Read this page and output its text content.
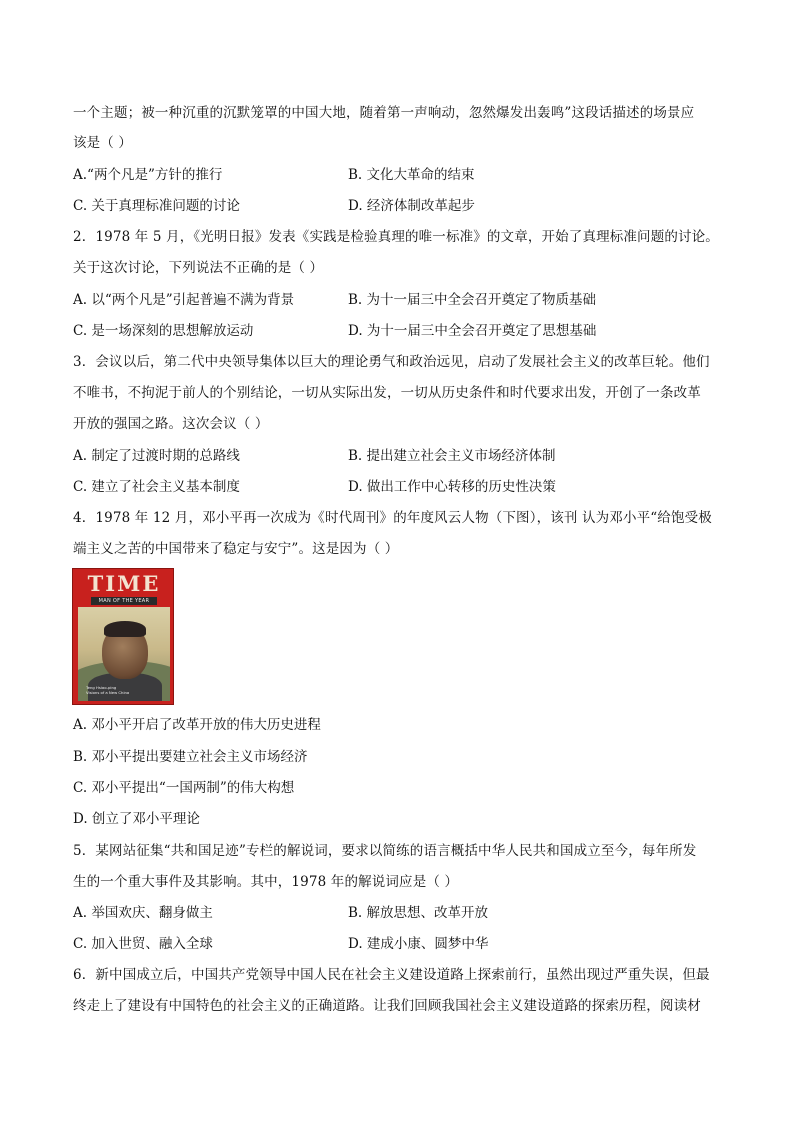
一个主题；被一种沉重的沉默笼罩的中国大地，随着第一声响动，忽然爆发出轰鸣”这段话描述的场景应
该是（ ）
A.“两个凡是”方针的推行	B. 文化大革命的结束
C. 关于真理标准问题的讨论	D. 经济体制改革起步
2．1978 年 5 月，《光明日报》发表《实践是检验真理的唯一标准》的文章，开始了真理标准问题的讨论。
关于这次讨论，下列说法不正确的是（ ）
A. 以“两个凡是”引起普遍不满为背景	B. 为十一届三中全会召开奠定了物质基础
C. 是一场深刻的思想解放运动	D. 为十一届三中全会召开奠定了思想基础
3．会议以后，第二代中央领导集体以巨大的理论勇气和政治远见，启动了发展社会主义的改革巨轮。他们
不唯书，不拘泥于前人的个别结论，一切从实际出发，一切从历史条件和时代要求出发，开创了一条改革
开放的强国之路。这次会议（ ）
A. 制定了过渡时期的总路线	B. 提出建立社会主义市场经济体制
C. 建立了社会主义基本制度	D. 做出工作中心转移的历史性决策
4．1978 年 12 月，邓小平再一次成为《时代周刊》的年度风云人物（下图），该刊 认为邓小平“给饱受极
端主义之苦的中国带来了稳定与安宁”。这是因为（ ）
TIME
MAN OF THE YEAR
Teng Hsiao-ping
Visions of a New China
A. 邓小平开启了改革开放的伟大历史进程
B. 邓小平提出要建立社会主义市场经济
C. 邓小平提出“一国两制”的伟大构想
D. 创立了邓小平理论
5．某网站征集“共和国足迹”专栏的解说词，要求以简练的语言概括中华人民共和国成立至今，每年所发
生的一个重大事件及其影响。其中，1978 年的解说词应是（ ）
A. 举国欢庆、翻身做主	B. 解放思想、改革开放
C. 加入世贸、融入全球	D. 建成小康、圆梦中华
6．新中国成立后，中国共产党领导中国人民在社会主义建设道路上探索前行，虽然出现过严重失误，但最
终走上了建设有中国特色的社会主义的正确道路。让我们回顾我国社会主义建设道路的探索历程，阅读材
